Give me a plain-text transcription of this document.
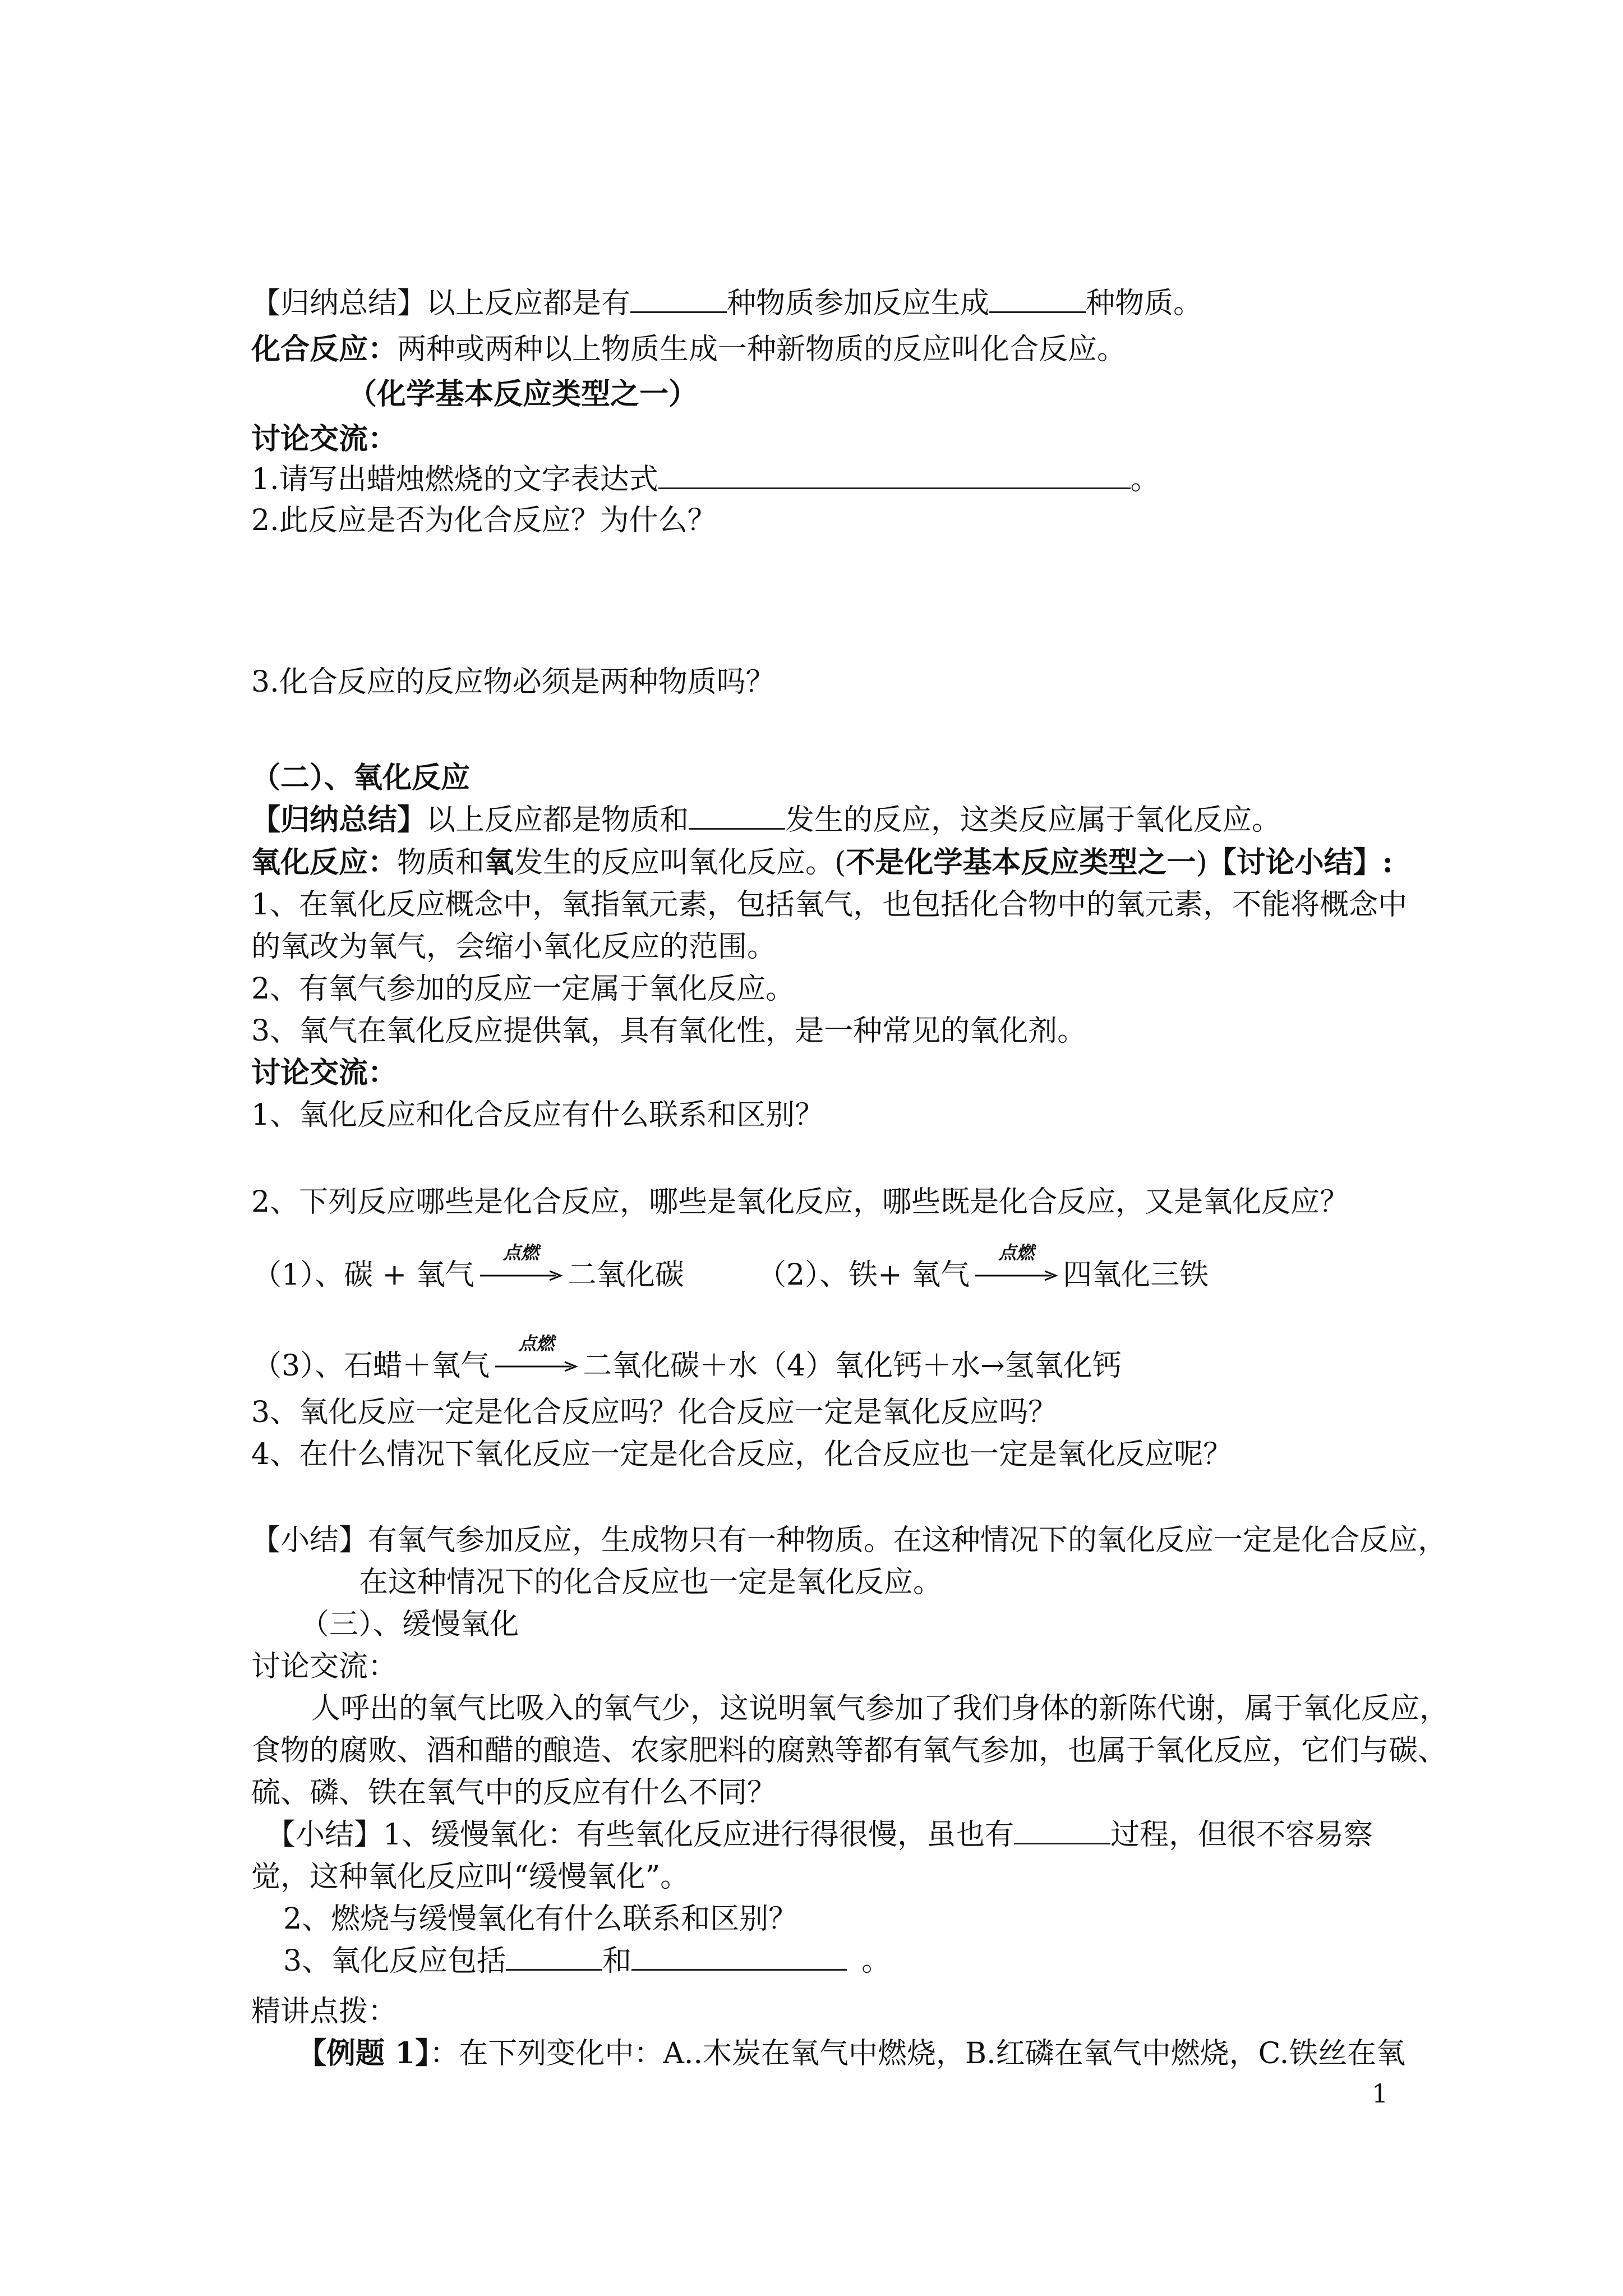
【归纳总结】以上反应都是有	种物质参加反应生成	种物质。
化合反应：两种或两种以上物质生成一种新物质的反应叫化合反应。
（化学基本反应类型之一）
讨论交流：
1.请写出蜡烛燃烧的文字表达式	。
2.此反应是否为化合反应？为什么？
3.化合反应的反应物必须是两种物质吗？
（二）、氧化反应
【归纳总结】以上反应都是物质和	发生的反应，这类反应属于氧化反应。
氧化反应：物质和氧发生的反应叫氧化反应。(不是化学基本反应类型之一)【讨论小结】:
1、在氧化反应概念中，氧指氧元素，包括氧气，也包括化合物中的氧元素，不能将概念中
的氧改为氧气，会缩小氧化反应的范围。
2、有氧气参加的反应一定属于氧化反应。
3、氧气在氧化反应提供氧，具有氧化性，是一种常见的氧化剂。
讨论交流：
1、氧化反应和化合反应有什么联系和区别？
2、下列反应哪些是化合反应，哪些是氧化反应，哪些既是化合反应，又是氧化反应？
（1）、碳 + 氧气
点燃
二氧化碳	（2）、铁+ 氧气
点燃
四氧化三铁
（3）、石蜡＋氧气
点燃
二氧化碳＋水（4）氧化钙＋水→氢氧化钙
3、氧化反应一定是化合反应吗？化合反应一定是氧化反应吗？
4、在什么情况下氧化反应一定是化合反应，化合反应也一定是氧化反应呢？
【小结】有氧气参加反应，生成物只有一种物质。在这种情况下的氧化反应一定是化合反应，
在这种情况下的化合反应也一定是氧化反应。
（三）、缓慢氧化
讨论交流：
人呼出的氧气比吸入的氧气少，这说明氧气参加了我们身体的新陈代谢，属于氧化反应，
食物的腐败、酒和醋的酿造、农家肥料的腐熟等都有氧气参加，也属于氧化反应，它们与碳、
硫、磷、铁在氧气中的反应有什么不同？
【小结】1、缓慢氧化：有些氧化反应进行得很慢，虽也有	过程，但很不容易察
觉，这种氧化反应叫“缓慢氧化”。
2、燃烧与缓慢氧化有什么联系和区别？
3、氧化反应包括	和	。
精讲点拨：
【例题 1】：在下列变化中：A..木炭在氧气中燃烧，B.红磷在氧气中燃烧，C.铁丝在氧
1
